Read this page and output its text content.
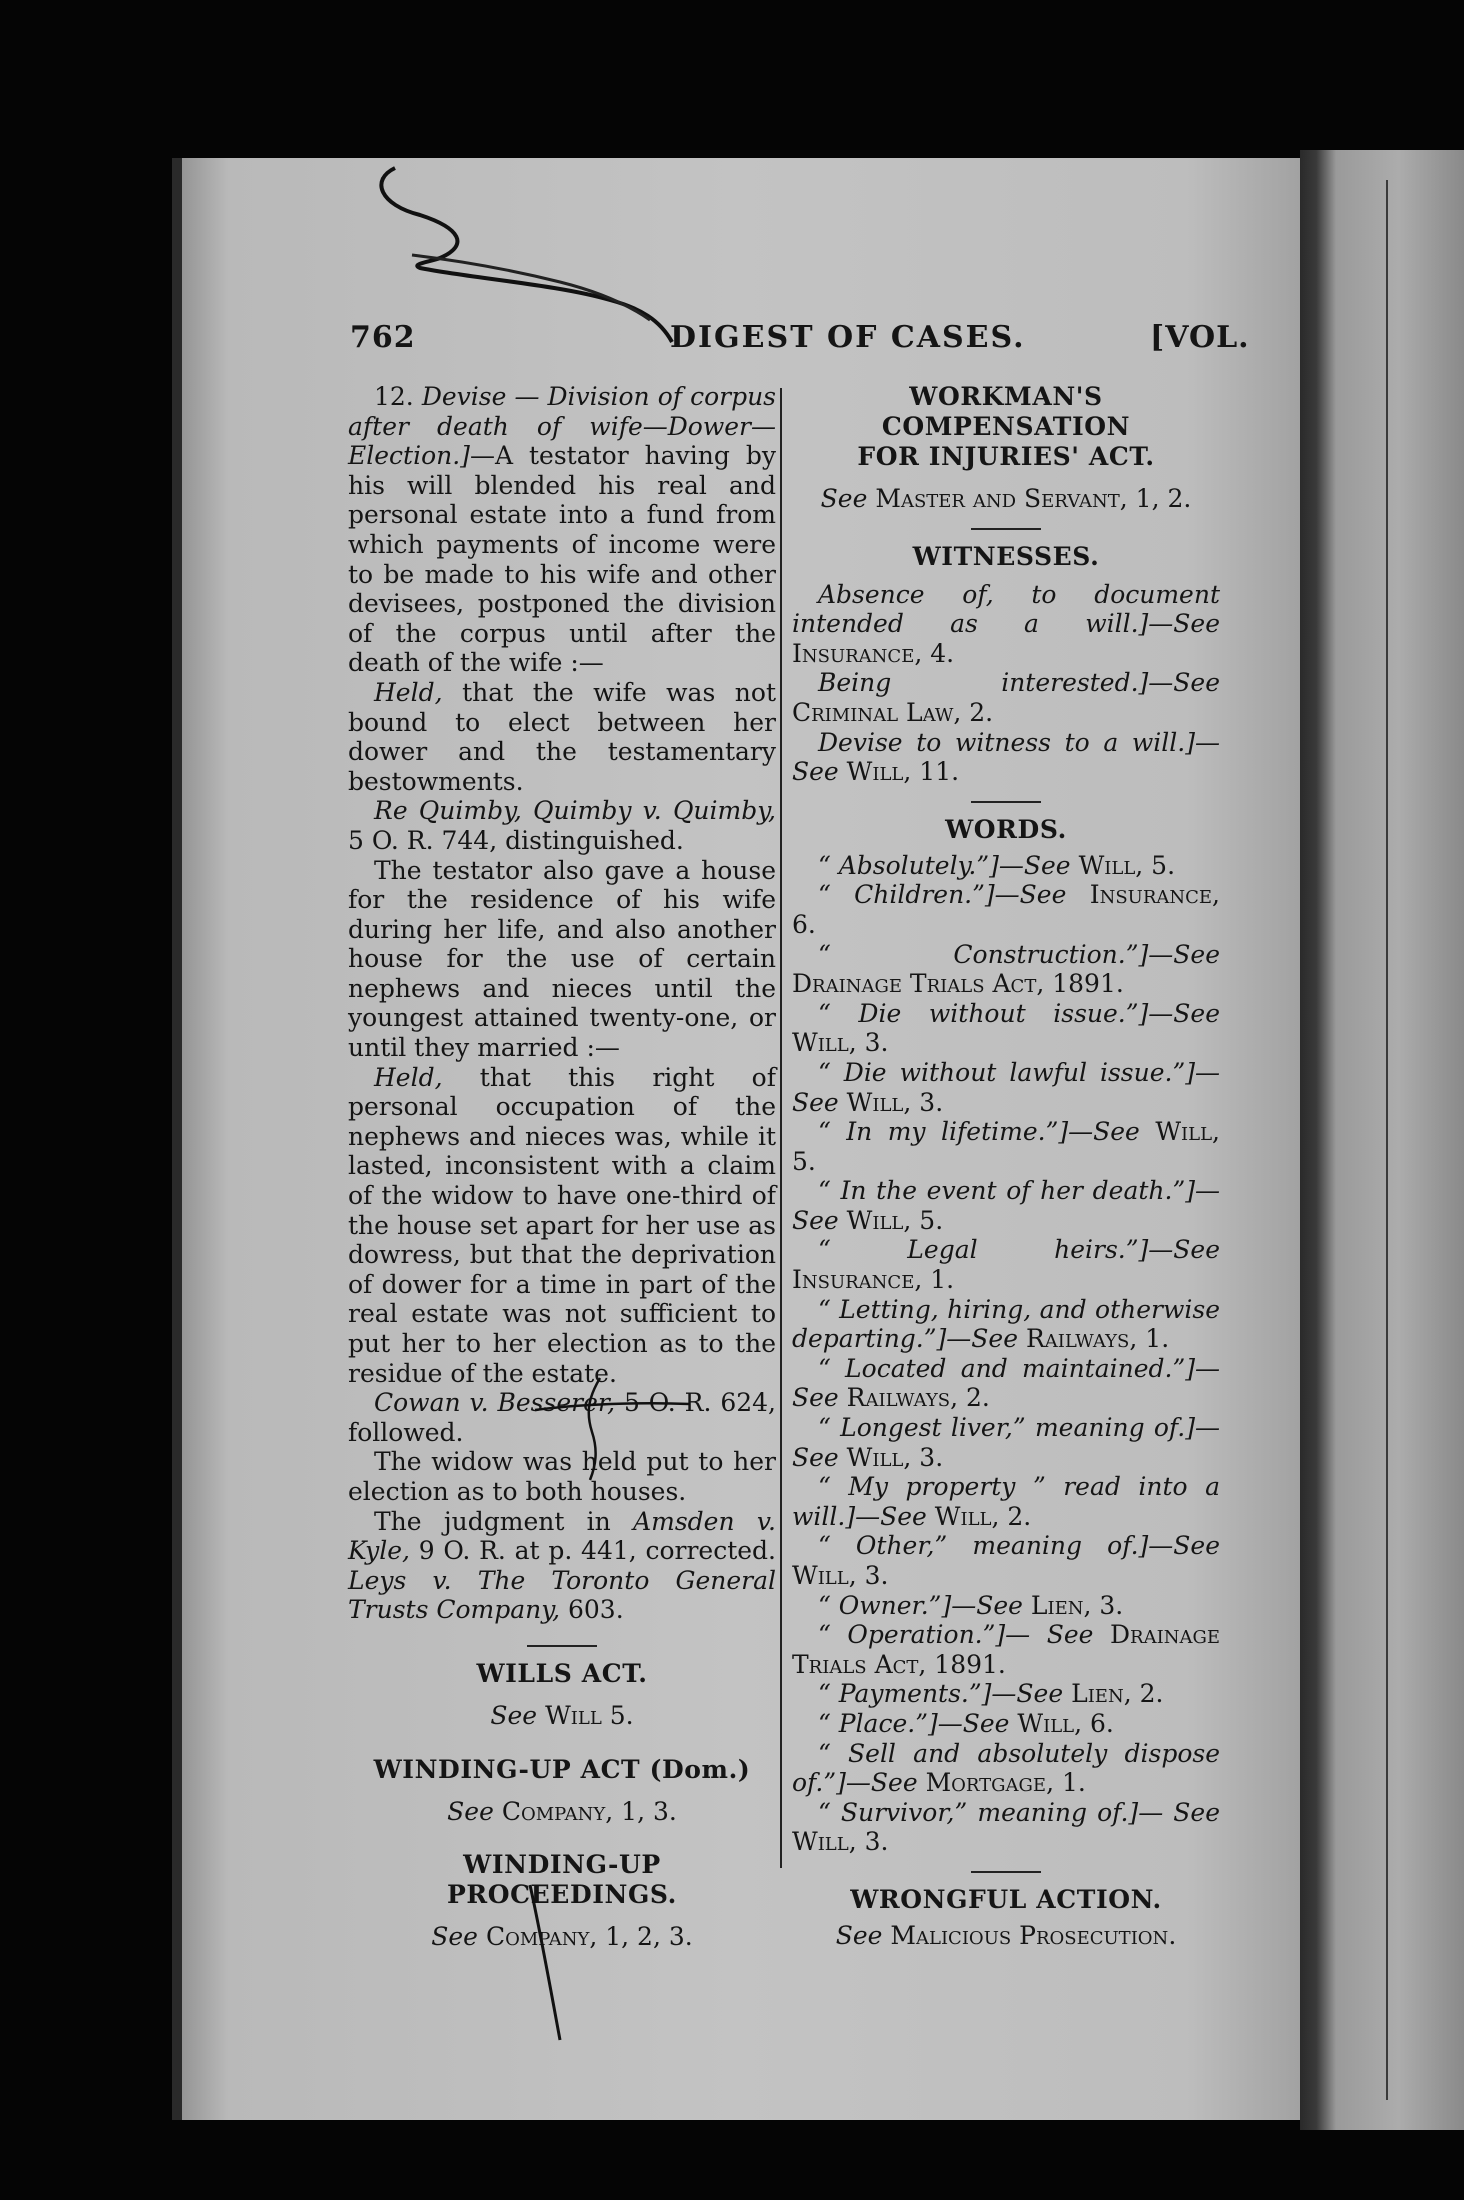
762	DIGEST OF CASES.	[VOL.

12. Devise — Division of corpus after death of wife—Dower—Election.]—A testator having by his will blended his real and personal estate into a fund from which payments of income were to be made to his wife and other devisees, postponed the division of the corpus until after the death of the wife :—

Held, that the wife was not bound to elect between her dower and the testamentary bestowments.

Re Quimby, Quimby v. Quimby, 5 O. R. 744, distinguished.

The testator also gave a house for the residence of his wife during her life, and also another house for the use of certain nephews and nieces until the youngest attained twenty-one, or until they married :—

Held, that this right of personal occupation of the nephews and nieces was, while it lasted, inconsistent with a claim of the widow to have one-third of the house set apart for her use as dowress, but that the deprivation of dower for a time in part of the real estate was not sufficient to put her to her election as to the residue of the estate.

Cowan v. Besserer, 5 O. R. 624, followed.

The widow was held put to her election as to both houses.

The judgment in Amsden v. Kyle, 9 O. R. at p. 441, corrected. Leys v. The Toronto General Trusts Company, 603.

WILLS ACT.

See Will 5.

WINDING-UP ACT (Dom.)

See Company, 1, 3.

WINDING-UP PROCEEDINGS.

See Company, 1, 2, 3.

WORKMAN'S COMPENSATION

FOR INJURIES' ACT.

See Master and Servant, 1, 2.

WITNESSES.

Absence of, to document intended as a will.]—See Insurance, 4.

Being interested.]—See Criminal Law, 2.

Devise to witness to a will.]— See Will, 11.

WORDS.

“ Absolutely.”]—See Will, 5.

“ Children.”]—See Insurance, 6.

“ Construction.”]—See Drainage Trials Act, 1891.

“ Die without issue.”]—See Will, 3.

“ Die without lawful issue.”]— See Will, 3.

“ In my lifetime.”]—See Will, 5.

“ In the event of her death.”]—See Will, 5.

“ Legal heirs.”]—See Insurance, 1.

“ Letting, hiring, and otherwise departing.”]—See Railways, 1.

“ Located and maintained.”]—See Railways, 2.

“ Longest liver,” meaning of.]— See Will, 3.

“ My property ” read into a will.]—See Will, 2.

“ Other,” meaning of.]—See Will, 3.

“ Owner.”]—See Lien, 3.

“ Operation.”]— See Drainage Trials Act, 1891.

“ Payments.”]—See Lien, 2.

“ Place.”]—See Will, 6.

“ Sell and absolutely dispose of.”]—See Mortgage, 1.

“ Survivor,” meaning of.]— See Will, 3.

WRONGFUL ACTION.

See Malicious Prosecution.
